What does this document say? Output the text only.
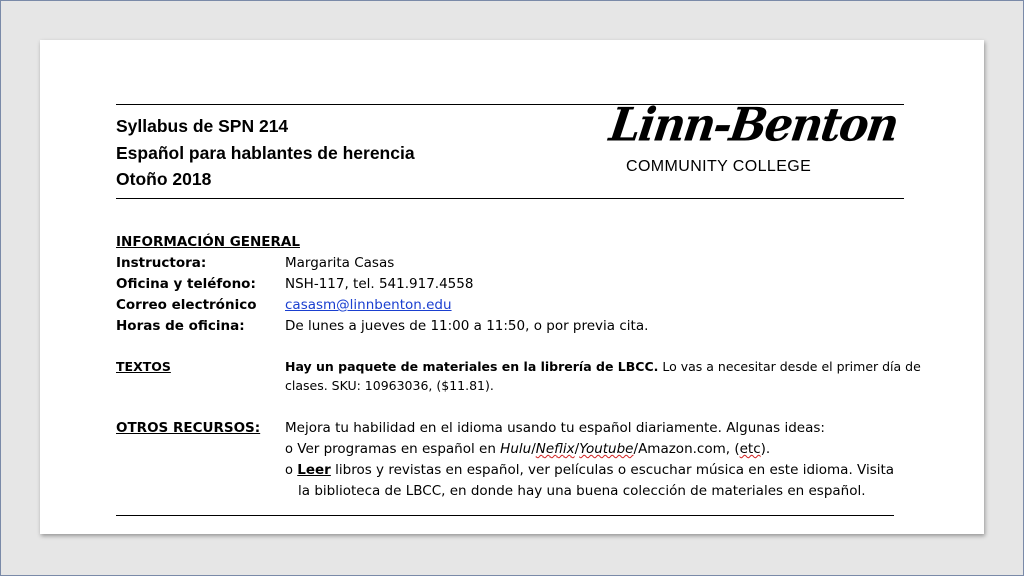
Syllabus de SPN 214
Español para hablantes de herencia
Otoño 2018
Linn-Benton
COMMUNITY COLLEGE
INFORMACIÓN GENERAL
Instructora:	Margarita Casas
Oficina y teléfono: NSH-117, tel. 541.917.4558
Correo electrónico casasm@linnbenton.edu
Horas de oficina:	De lunes a jueves de 11:00 a 11:50, o por previa cita.
TEXTOS	Hay un paquete de materiales en la librería de LBCC. Lo vas a necesitar desde el primer día de
clases. SKU: 10963036, ($11.81).
OTROS RECURSOS: Mejora tu habilidad en el idioma usando tu español diariamente. Algunas ideas:
o Ver programas en español en Hulu/Neflix/Youtube/Amazon.com, (etc).
o Leer libros y revistas en español, ver películas o escuchar música en este idioma. Visita
la biblioteca de LBCC, en donde hay una buena colección de materiales en español.
